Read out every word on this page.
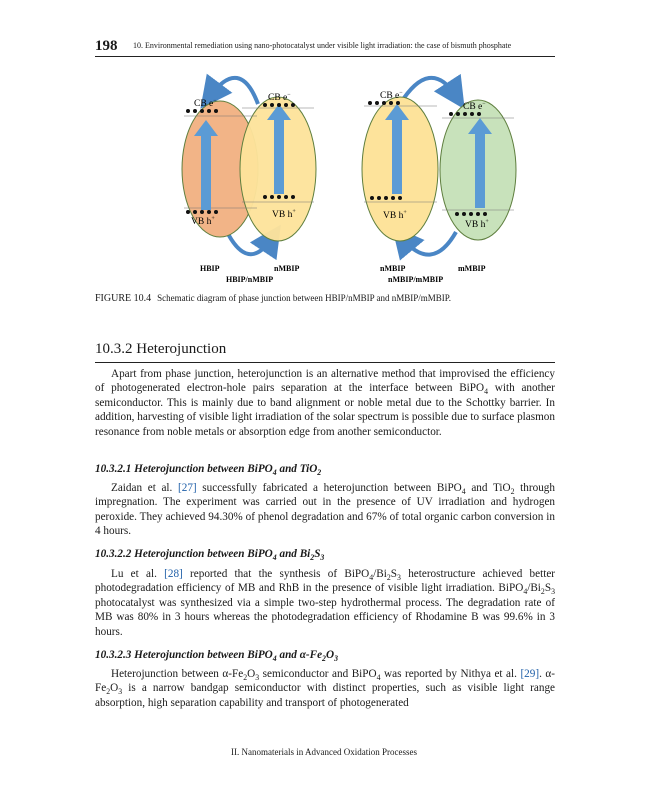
198 10. Environmental remediation using nano-photocatalyst under visible light irradiation: the case of bismuth phosphate
CB e−	CB e−	CB e−
CB e−
VB h+	VB h+	VB h+
VB h+
HBIP	nMBIP
HBIP/nMBIP
nMBIP	mMBIP
nMBIP/mMBIP
FIGURE 10.4 Schematic diagram of phase junction between HBIP/nMBIP and nMBIP/mMBIP.
10.3.2 Heterojunction

Apart from phase junction, heterojunction is an alternative method that improvised the efficiency of photogenerated electron-hole pairs separation at the interface between BiPO$_4$ with another semiconductor. This is mainly due to band alignment or noble metal due to the Schottky barrier. In addition, harvesting of visible light irradiation of the solar spectrum is possible due to surface plasmon resonance from noble metals or absorption edge from another semiconductor.

10.3.2.1 Heterojunction between BiPO$_4$ and TiO$_2$

Zaidan et al. [27] successfully fabricated a heterojunction between BiPO$_4$ and TiO$_2$ through impregnation. The experiment was carried out in the presence of UV irradiation and hydrogen peroxide. They achieved 94.30% of phenol degradation and 67% of total organic carbon conversion in 4 hours.

10.3.2.2 Heterojunction between BiPO$_4$ and $Bi_2S_3$

Lu et al. [28] reported that the synthesis of $BiPO_4/Bi_2S_3$ heterostructure achieved better photodegradation efficiency of MB and RhB in the presence of visible light irradiation. $BiPO_4/Bi_2S_3$ photocatalyst was synthesized via a simple two-step hydrothermal process. The degradation rate of MB was 80% in 3 hours whereas the photodegradation efficiency of Rhodamine B was 99.6% in 3 hours.

10.3.2.3 Heterojunction between BiPO$_4$ and $\alpha-Fe_2O_3$

Heterojunction between $\alpha-Fe_2O_3$ semiconductor and BiPO$_4$ was reported by Nithya et al. [29]. $\alpha-Fe_2O_3$ is a narrow bandgap semiconductor with distinct properties, such as visible light range absorption, high separation capability and transport of photogenerated

II. Nanomaterials in Advanced Oxidation Processes
